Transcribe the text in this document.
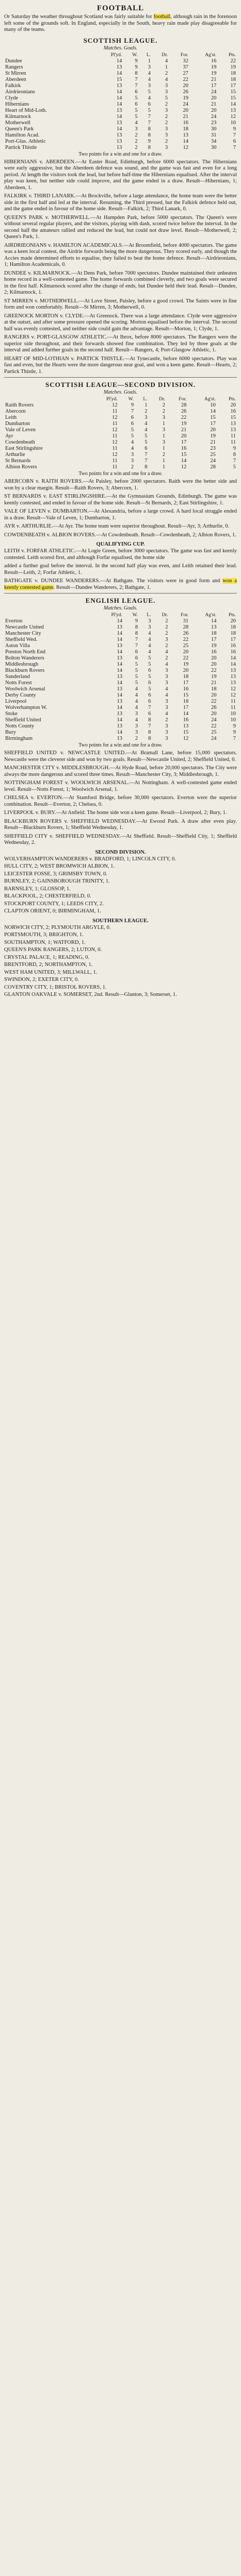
FOOTBALL

Or Saturday the weather throughout Scotland was fairly suitable for football, although rain in the forenoon left some of the grounds soft. In England, especially in the South, heavy rain made play disagreeable for many of the teams.

SCOTTISH LEAGUE.
Matches. Goals.
	Pl'yd.	W.	L.	Dr.	For.	Ag'st.	Pts.
Dundee	14	9	1	4	32	16	22
Rangers	13	9	3	1	37	19	19
St Mirren	14	8	4	2	27	19	18
Aberdeen	15	7	4	4	22	21	18
Falkirk	13	7	3	3	20	17	17
Airdrieonians	14	6	5	3	26	24	15
Clyde	14	5	4	5	19	20	15
Hibernians	14	6	6	2	24	21	14
Heart of Mid-Loth.	13	5	5	3	20	20	13
Kilmarnock	14	5	7	2	21	24	12
Motherwell	13	4	7	2	16	23	10
Queen's Park	14	3	8	3	18	30	9
Hamilton Acad.	13	2	8	3	13	31	7
Port-Glas. Athletic	13	2	9	2	14	34	6
Partick Thistle	13	2	8	3	12	30	7
Two points for a win and one for a draw.

HIBERNIANS v. ABERDEEN.—At Easter Road, Edinburgh, before 6000 spectators. The Hibernians were early aggressive, but the Aberdeen defence was sound, and the game was fast and even for a long period. At length the visitors took the lead, but before half-time the Hibernians equalised. After the interval play was keen, but neither side could improve, and the game ended in a draw. Result—Hibernians, 1; Aberdeen, 1.

FALKIRK v. THIRD LANARK.—At Brockville, before a large attendance, the home team were the better side in the first half and led at the interval. Resuming, the Third pressed, but the Falkirk defence held out, and the game ended in favour of the home side. Result—Falkirk, 2; Third Lanark, 0.

QUEEN'S PARK v. MOTHERWELL.—At Hampden Park, before 5000 spectators. The Queen's were without several regular players, and the visitors, playing with dash, scored twice before the interval. In the second half the amateurs rallied and reduced the lead, but could not draw level. Result—Motherwell, 2; Queen's Park, 1.

AIRDRIEONIANS v. HAMILTON ACADEMICALS.—At Broomfield, before 4000 spectators. The game was a keen local contest, the Airdrie forwards being the more dangerous. They scored early, and though the Accies made determined efforts to equalise, they failed to beat the home defence. Result—Airdrieonians, 1; Hamilton Academicals, 0.

DUNDEE v. KILMARNOCK.—At Dens Park, before 7000 spectators. Dundee maintained their unbeaten home record in a well-contested game. The home forwards combined cleverly, and two goals were secured in the first half. Kilmarnock scored after the change of ends, but Dundee held their lead. Result—Dundee, 2; Kilmarnock, 1.

ST MIRREN v. MOTHERWELL.—At Love Street, Paisley, before a good crowd. The Saints were in fine form and won comfortably. Result—St Mirren, 3; Motherwell, 0.

GREENOCK MORTON v. CLYDE.—At Greenock. There was a large attendance. Clyde were aggressive at the outset, and after some pressure opened the scoring. Morton equalised before the interval. The second half was evenly contested, and neither side could gain the advantage. Result—Morton, 1; Clyde, 1.

RANGERS v. PORT-GLASGOW ATHLETIC.—At Ibrox, before 8000 spectators. The Rangers were the superior side throughout, and their forwards showed fine combination. They led by three goals at the interval and added further goals in the second half. Result—Rangers, 4; Port-Glasgow Athletic, 1.

HEART OF MID-LOTHIAN v. PARTICK THISTLE.—At Tynecastle, before 6000 spectators. Play was fast and even, but the Hearts were the more dangerous near goal, and won a keen game. Result—Hearts, 2; Partick Thistle, 1.

SCOTTISH LEAGUE—SECOND DIVISION.
Matches. Goals.
	Pl'yd.	W.	L.	Dr.	For.	Ag'st.	Pts.
Raith Rovers	12	9	1	2	28	10	20
Abercorn	11	7	2	2	26	14	16
Leith	12	6	3	3	22	15	15
Dumbarton	11	6	4	1	19	17	13
Vale of Leven	12	5	4	3	21	20	13
Ayr	11	5	5	1	20	19	11
Cowdenbeath	12	4	5	3	17	21	11
East Stirlingshire	11	4	6	1	16	23	9
Arthurlie	12	3	7	2	15	25	8
St Bernards	11	3	7	1	14	24	7
Albion Rovers	11	2	8	1	12	28	5
Two points for a win and one for a draw.

ABERCORN v. RAITH ROVERS.—At Paisley, before 2000 spectators. Raith were the better side and won by a clear margin. Result—Raith Rovers, 3; Abercorn, 1.

ST BERNARDS v. EAST STIRLINGSHIRE.—At the Gymnasium Grounds, Edinburgh. The game was keenly contested, and ended in favour of the home side. Result—St Bernards, 2; East Stirlingshire, 1.

VALE OF LEVEN v. DUMBARTON.—At Alexandria, before a large crowd. A hard local struggle ended in a draw. Result—Vale of Leven, 1; Dumbarton, 1.

AYR v. ARTHURLIE.—At Ayr. The home team were superior throughout. Result—Ayr, 3; Arthurlie, 0.

COWDENBEATH v. ALBION ROVERS.—At Cowdenbeath. Result—Cowdenbeath, 2; Albion Rovers, 1.

QUALIFYING CUP.

LEITH v. FORFAR ATHLETIC.—At Logie Green, before 3000 spectators. The game was fast and keenly contested. Leith scored first, and although Forfar equalised, the home side

added a further goal before the interval. In the second half play was even, and Leith retained their lead. Result—Leith, 2; Forfar Athletic, 1.

BATHGATE v. DUNDEE WANDERERS.—At Bathgate. The visitors were in good form and won a keenly contested game. Result—Dundee Wanderers, 2; Bathgate, 1.

ENGLISH LEAGUE.
Matches. Goals.
	Pl'yd.	W.	L.	Dr.	For.	Ag'st.	Pts.
Everton	14	9	3	2	31	14	20
Newcastle United	13	8	3	2	28	13	18
Manchester City	14	8	4	2	26	18	18
Sheffield Wed.	14	7	4	3	22	17	17
Aston Villa	13	7	4	2	25	19	16
Preston North End	14	6	4	4	20	16	16
Bolton Wanderers	13	6	5	2	22	20	14
Middlesbrough	14	5	5	4	19	20	14
Blackburn Rovers	14	5	6	3	20	22	13
Sunderland	13	5	5	3	18	19	13
Notts Forest	14	5	6	3	17	21	13
Woolwich Arsenal	13	4	5	4	16	18	12
Derby County	14	4	6	4	15	20	12
Liverpool	13	4	6	3	18	22	11
Wolverhampton W.	14	4	7	3	17	26	11
Stoke	13	3	6	4	14	20	10
Sheffield United	14	4	8	2	16	24	10
Notts County	13	3	7	3	13	22	9
Bury	14	3	8	3	15	25	9
Birmingham	13	2	8	3	12	24	7
Two points for a win and one for a draw.

SHEFFIELD UNITED v. NEWCASTLE UNITED.—At Bramall Lane, before 15,000 spectators. Newcastle were the cleverer side and won by two goals. Result—Newcastle United, 2; Sheffield United, 0.

MANCHESTER CITY v. MIDDLESBROUGH.—At Hyde Road, before 20,000 spectators. The City were always the more dangerous and scored three times. Result—Manchester City, 3; Middlesbrough, 1.

NOTTINGHAM FOREST v. WOOLWICH ARSENAL.—At Nottingham. A well-contested game ended level. Result—Notts Forest, 1; Woolwich Arsenal, 1.

CHELSEA v. EVERTON.—At Stamford Bridge, before 30,000 spectators. Everton were the superior combination. Result—Everton, 2; Chelsea, 0.

LIVERPOOL v. BURY.—At Anfield. The home side won a keen game. Result—Liverpool, 2; Bury, 1.

BLACKBURN ROVERS v. SHEFFIELD WEDNESDAY.—At Ewood Park. A draw after even play. Result—Blackburn Rovers, 1; Sheffield Wednesday, 1.

SHEFFIELD CITY v. SHEFFIELD WEDNESDAY.—At Sheffield. Result—Sheffield City, 1; Sheffield Wednesday, 2.

SECOND DIVISION.

WOLVERHAMPTON WANDERERS v. BRADFORD, 1; LINCOLN CITY, 0.

HULL CITY, 2; WEST BROMWICH ALBION, 1.

LEICESTER FOSSE, 3; GRIMSBY TOWN, 0.

BURNLEY, 2; GAINSBOROUGH TRINITY, 1.

BARNSLEY, 1; GLOSSOP, 1.

BLACKPOOL, 2; CHESTERFIELD, 0.

STOCKPORT COUNTY, 1; LEEDS CITY, 2.

CLAPTON ORIENT, 0; BIRMINGHAM, 1.

SOUTHERN LEAGUE.

NORWICH CITY, 2; PLYMOUTH ARGYLE, 0.

PORTSMOUTH, 3; BRIGHTON, 1.

SOUTHAMPTON, 1; WATFORD, 1.

QUEEN'S PARK RANGERS, 2; LUTON, 0.

CRYSTAL PALACE, 1; READING, 0.

BRENTFORD, 2; NORTHAMPTON, 1.

WEST HAM UNITED, 3; MILLWALL, 1.

SWINDON, 2; EXETER CITY, 0.

COVENTRY CITY, 1; BRISTOL ROVERS, 1.

GLANTON OAKVALE v. SOMERSET, 2nd. Result—Glanton, 3; Somerset, 1.
